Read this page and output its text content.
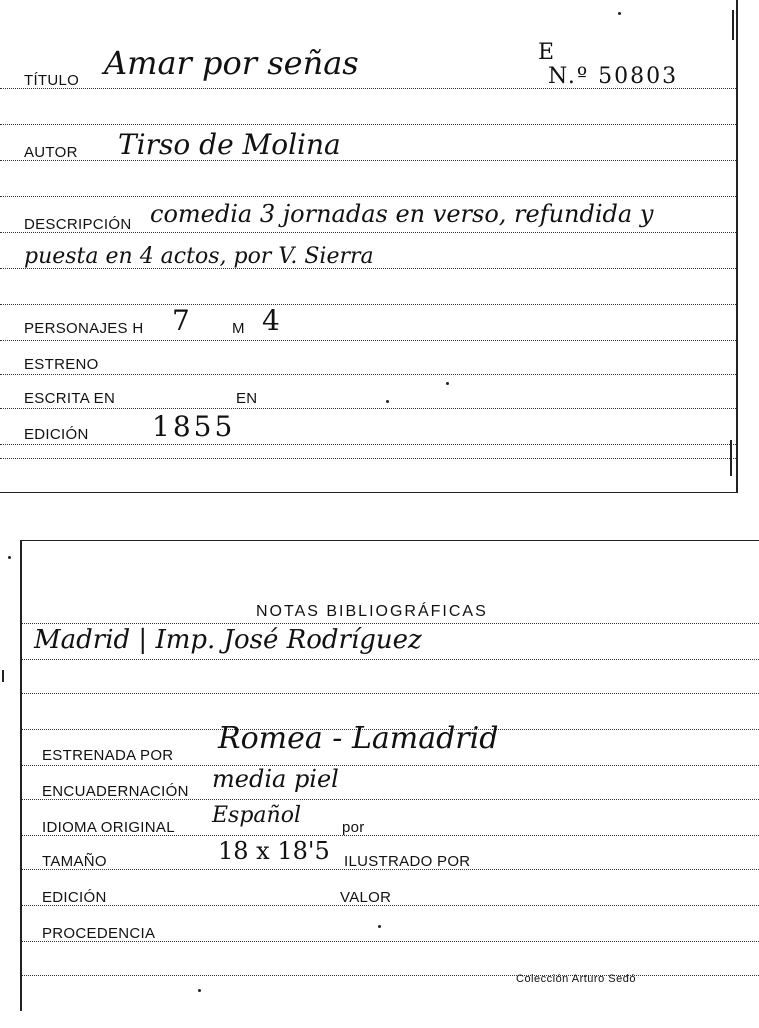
TÍTULO Amar por señas	E
N.º 50803
AUTOR Tirso de Molina
DESCRIPCIÓN comedia 3 jornadas en verso, refundida y
puesta en 4 actos, por V. Sierra
PERSONAJES H 7	M 4
ESTRENO
ESCRITA EN	EN
EDICIÓN 1855
NOTAS BIBLIOGRÁFICAS
Madrid | Imp. José Rodríguez
ESTRENADA POR Romea - Lamadrid
ENCUADERNACIÓN media piel
IDIOMA ORIGINAL Español	por
TAMAÑO	18 x 18'5 ILUSTRADO POR
EDICIÓN	VALOR
PROCEDENCIA
Colección Arturo Sedó
